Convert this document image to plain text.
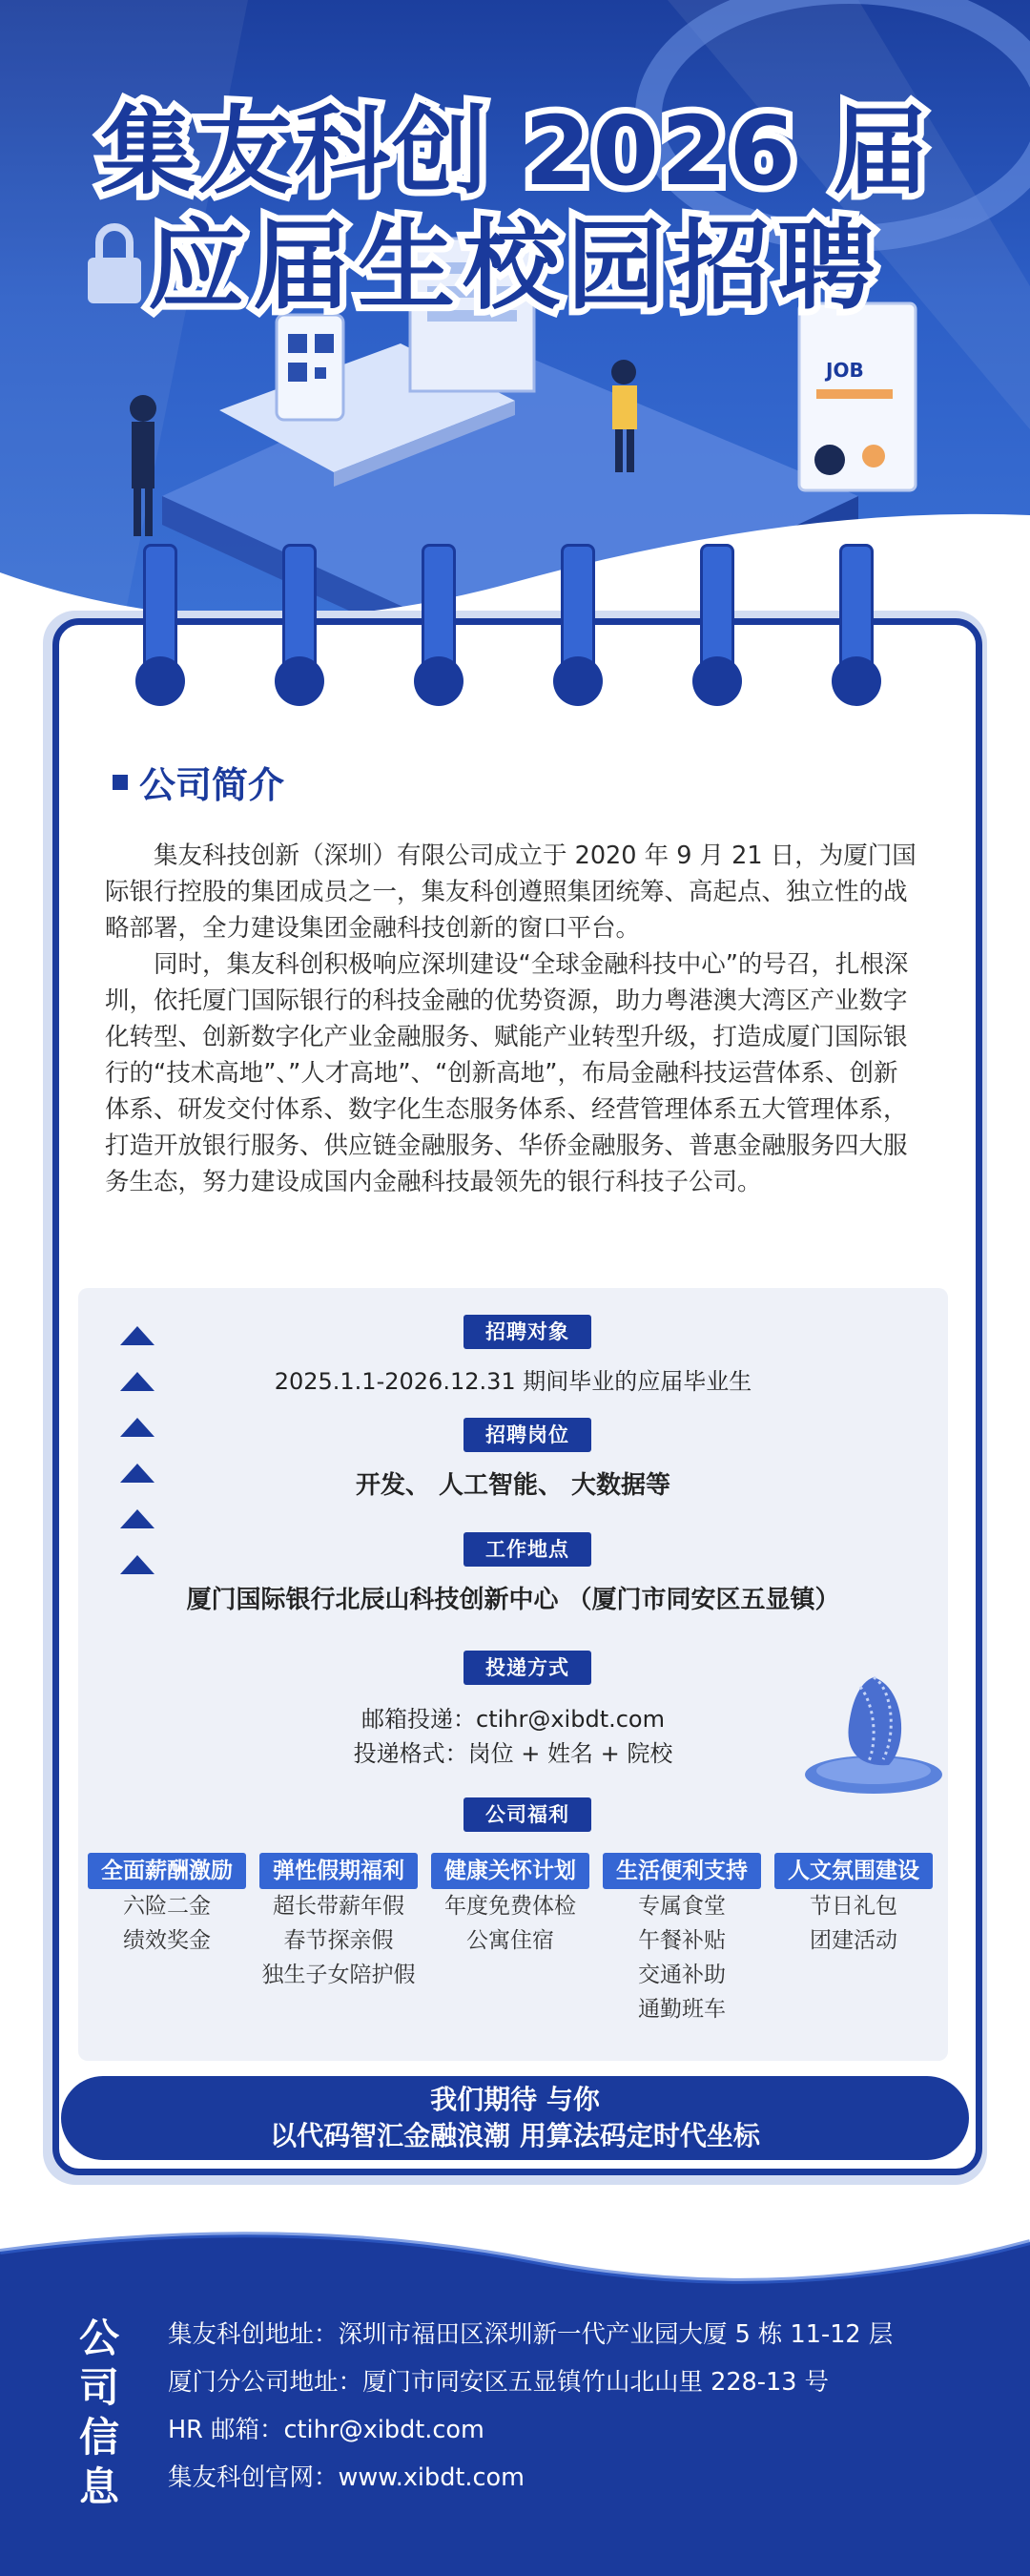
集友科创 2026 届
应届生校园招聘
JOB
公司简介

集友科技创新（深圳）有限公司成立于 2020 年 9 月 21 日，为厦门国际银行控股的集团成员之一，集友科创遵照集团统筹、高起点、独立性的战略部署，全力建设集团金融科技创新的窗口平台。

同时，集友科创积极响应深圳建设“全球金融科技中心”的号召，扎根深圳，依托厦门国际银行的科技金融的优势资源，助力粤港澳大湾区产业数字化转型、创新数字化产业金融服务、赋能产业转型升级，打造成厦门国际银行的“技术高地”、”人才高地”、“创新高地”，布局金融科技运营体系、创新体系、研发交付体系、数字化生态服务体系、经营管理体系五大管理体系，打造开放银行服务、供应链金融服务、华侨金融服务、普惠金融服务四大服务生态，努力建设成国内金融科技最领先的银行科技子公司。

招聘对象
2025.1.1-2026.12.31 期间毕业的应届毕业生
招聘岗位
开发、 人工智能、 大数据等
工作地点
厦门国际银行北辰山科技创新中心 （厦门市同安区五显镇）
投递方式
邮箱投递：ctihr@xibdt.com
投递格式：岗位 + 姓名 + 院校
公司福利
全面薪酬激励
六险二金
绩效奖金
弹性假期福利
超长带薪年假
春节探亲假
独生子女陪护假
健康关怀计划
年度免费体检
公寓住宿
生活便利支持
专属食堂
午餐补贴
交通补助
通勤班车
人文氛围建设
节日礼包
团建活动
我们期待 与你
以代码智汇金融浪潮 用算法码定时代坐标
公
司
信
息
集友科创地址：深圳市福田区深圳新一代产业园大厦 5 栋 11-12 层
厦门分公司地址：厦门市同安区五显镇竹山北山里 228-13 号
HR 邮箱：ctihr@xibdt.com
集友科创官网：www.xibdt.com
